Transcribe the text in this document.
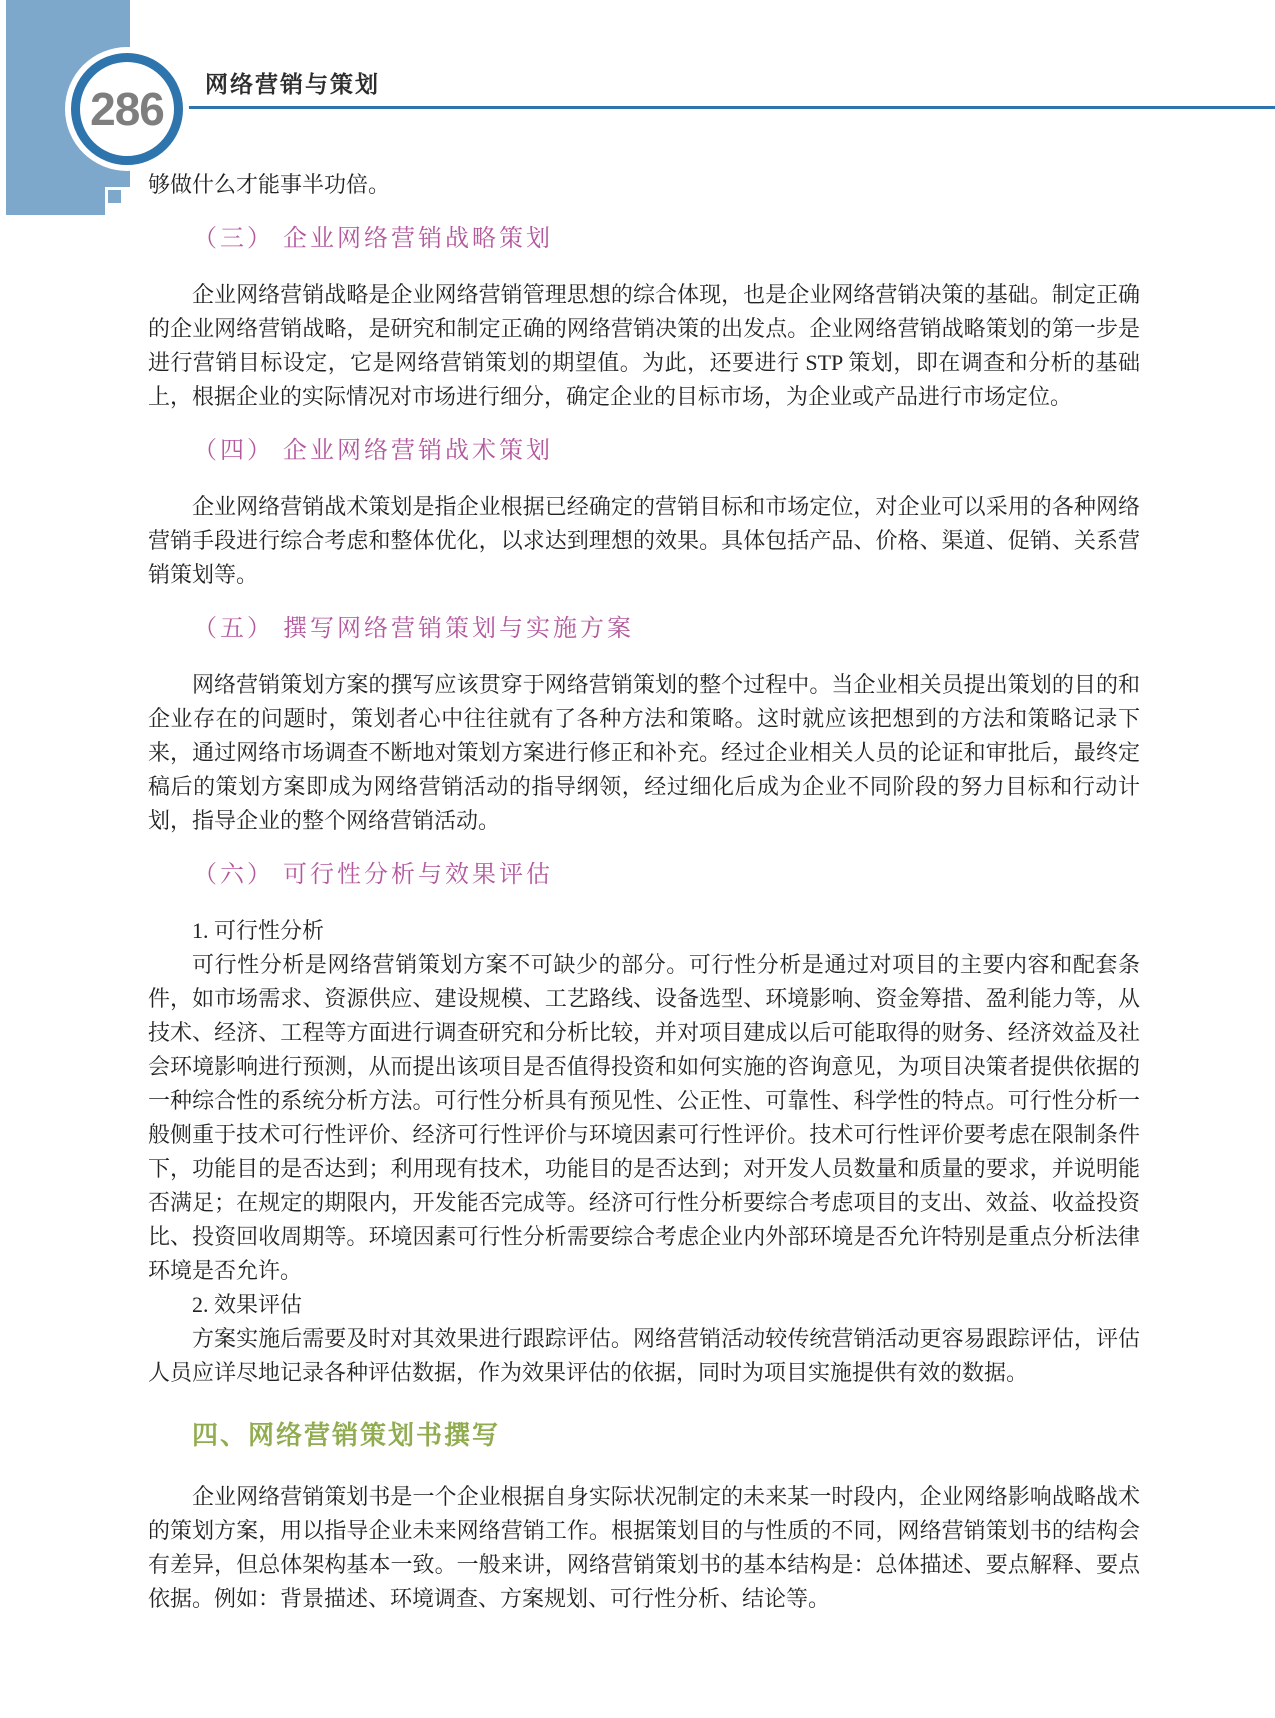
286 网络营销与策划

够做什么才能事半功倍。

（三） 企业网络营销战略策划

企业网络营销战略是企业网络营销管理思想的综合体现，也是企业网络营销决策的基础。制定正确的企业网络营销战略，是研究和制定正确的网络营销决策的出发点。企业网络营销战略策划的第一步是进行营销目标设定，它是网络营销策划的期望值。为此，还要进行 STP 策划，即在调查和分析的基础上，根据企业的实际情况对市场进行细分，确定企业的目标市场，为企业或产品进行市场定位。

（四） 企业网络营销战术策划

企业网络营销战术策划是指企业根据已经确定的营销目标和市场定位，对企业可以采用的各种网络营销手段进行综合考虑和整体优化，以求达到理想的效果。具体包括产品、价格、渠道、促销、关系营销策划等。

（五） 撰写网络营销策划与实施方案

网络营销策划方案的撰写应该贯穿于网络营销策划的整个过程中。当企业相关员提出策划的目的和企业存在的问题时，策划者心中往往就有了各种方法和策略。这时就应该把想到的方法和策略记录下来，通过网络市场调查不断地对策划方案进行修正和补充。经过企业相关人员的论证和审批后，最终定稿后的策划方案即成为网络营销活动的指导纲领，经过细化后成为企业不同阶段的努力目标和行动计划，指导企业的整个网络营销活动。

（六） 可行性分析与效果评估

1. 可行性分析

可行性分析是网络营销策划方案不可缺少的部分。可行性分析是通过对项目的主要内容和配套条件，如市场需求、资源供应、建设规模、工艺路线、设备选型、环境影响、资金筹措、盈利能力等，从技术、经济、工程等方面进行调查研究和分析比较，并对项目建成以后可能取得的财务、经济效益及社会环境影响进行预测，从而提出该项目是否值得投资和如何实施的咨询意见，为项目决策者提供依据的一种综合性的系统分析方法。可行性分析具有预见性、公正性、可靠性、科学性的特点。可行性分析一般侧重于技术可行性评价、经济可行性评价与环境因素可行性评价。技术可行性评价要考虑在限制条件下，功能目的是否达到；利用现有技术，功能目的是否达到；对开发人员数量和质量的要求，并说明能否满足；在规定的期限内，开发能否完成等。经济可行性分析要综合考虑项目的支出、效益、收益投资比、投资回收周期等。环境因素可行性分析需要综合考虑企业内外部环境是否允许特别是重点分析法律环境是否允许。

2. 效果评估

方案实施后需要及时对其效果进行跟踪评估。网络营销活动较传统营销活动更容易跟踪评估，评估人员应详尽地记录各种评估数据，作为效果评估的依据，同时为项目实施提供有效的数据。

四、网络营销策划书撰写

企业网络营销策划书是一个企业根据自身实际状况制定的未来某一时段内，企业网络影响战略战术的策划方案，用以指导企业未来网络营销工作。根据策划目的与性质的不同，网络营销策划书的结构会有差异，但总体架构基本一致。一般来讲，网络营销策划书的基本结构是：总体描述、要点解释、要点依据。例如：背景描述、环境调查、方案规划、可行性分析、结论等。
